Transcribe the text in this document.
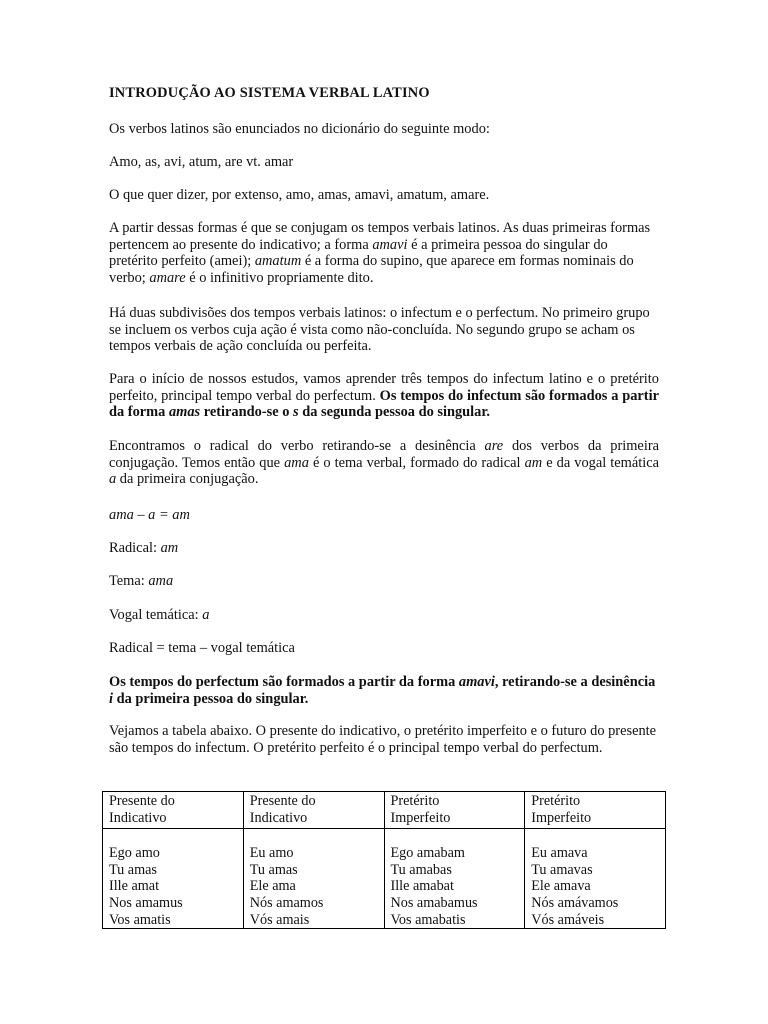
INTRODUÇÃO AO SISTEMA VERBAL LATINO

Os verbos latinos são enunciados no dicionário do seguinte modo:

Amo, as, avi, atum, are vt. amar

O que quer dizer, por extenso, amo, amas, amavi, amatum, amare.

A partir dessas formas é que se conjugam os tempos verbais latinos. As duas primeiras formas pertencem ao presente do indicativo; a forma amavi é a primeira pessoa do singular do pretérito perfeito (amei); amatum é a forma do supino, que aparece em formas nominais do verbo; amare é o infinitivo propriamente dito.

Há duas subdivisões dos tempos verbais latinos: o infectum e o perfectum. No primeiro grupo se incluem os verbos cuja ação é vista como não-concluída. No segundo grupo se acham os tempos verbais de ação concluída ou perfeita.

Para o início de nossos estudos, vamos aprender três tempos do infectum latino e o pretérito perfeito, principal tempo verbal do perfectum. Os tempos do infectum são formados a partir da forma amas retirando-se o s da segunda pessoa do singular.

Encontramos o radical do verbo retirando-se a desinência are dos verbos da primeira conjugação. Temos então que ama é o tema verbal, formado do radical am e da vogal temática a da primeira conjugação.

ama – a = am

Radical: am

Tema: ama

Vogal temática: a

Radical = tema – vogal temática

Os tempos do perfectum são formados a partir da forma amavi, retirando-se a desinência i da primeira pessoa do singular.

Vejamos a tabela abaixo. O presente do indicativo, o pretérito imperfeito e o futuro do presente são tempos do infectum. O pretérito perfeito é o principal tempo verbal do perfectum.

Presente do
Indicativo	Presente do
Indicativo	Pretérito
Imperfeito	Pretérito
Imperfeito

Ego amo
Tu amas
Ille amat
Nos amamus
Vos amatis	Eu amo
Tu amas
Ele ama
Nós amamos
Vós amais	Ego amabam
Tu amabas
Ille amabat
Nos amabamus
Vos amabatis	Eu amava
Tu amavas
Ele amava
Nós amávamos
Vós amáveis
